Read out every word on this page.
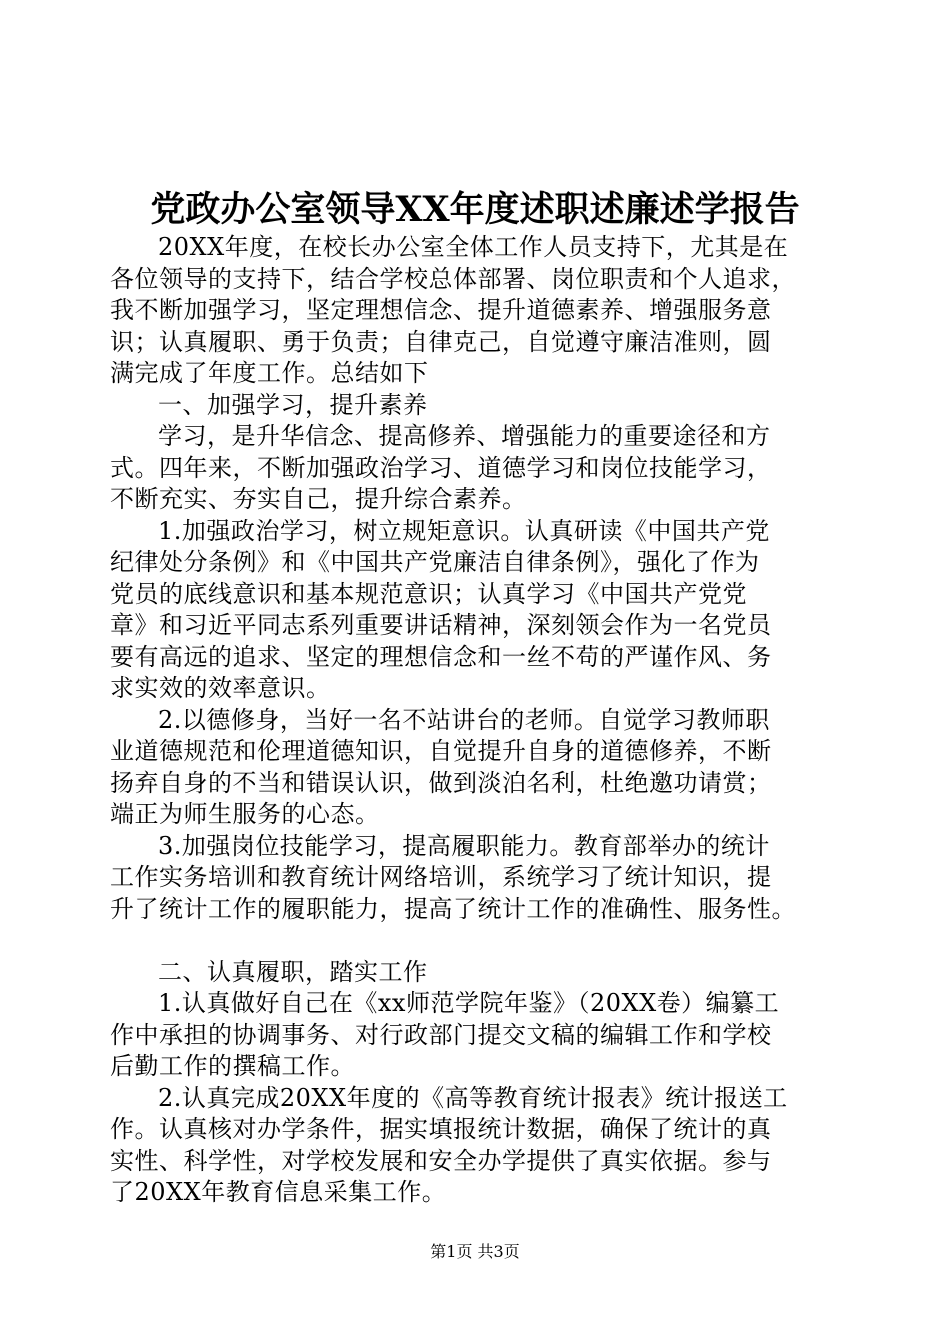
党政办公室领导XX年度述职述廉述学报告
20XX年度，在校长办公室全体工作人员支持下，尤其是在
各位领导的支持下，结合学校总体部署、岗位职责和个人追求，
我不断加强学习，坚定理想信念、提升道德素养、增强服务意
识；认真履职、勇于负责；自律克己，自觉遵守廉洁准则，圆
满完成了年度工作。总结如下
一、加强学习，提升素养
学习，是升华信念、提高修养、增强能力的重要途径和方
式。四年来，不断加强政治学习、道德学习和岗位技能学习，
不断充实、夯实自己，提升综合素养。
1.加强政治学习，树立规矩意识。认真研读《中国共产党
纪律处分条例》和《中国共产党廉洁自律条例》，强化了作为
党员的底线意识和基本规范意识；认真学习《中国共产党党
章》和习近平同志系列重要讲话精神，深刻领会作为一名党员
要有高远的追求、坚定的理想信念和一丝不苟的严谨作风、务
求实效的效率意识。
2.以德修身，当好一名不站讲台的老师。自觉学习教师职
业道德规范和伦理道德知识，自觉提升自身的道德修养，不断
扬弃自身的不当和错误认识，做到淡泊名利，杜绝邀功请赏；
端正为师生服务的心态。
3.加强岗位技能学习，提高履职能力。教育部举办的统计
工作实务培训和教育统计网络培训，系统学习了统计知识，提
升了统计工作的履职能力，提高了统计工作的准确性、服务性。
二、认真履职，踏实工作
1.认真做好自己在《xx师范学院年鉴》（20XX卷）编纂工
作中承担的协调事务、对行政部门提交文稿的编辑工作和学校
后勤工作的撰稿工作。
2.认真完成20XX年度的《高等教育统计报表》统计报送工
作。认真核对办学条件，据实填报统计数据，确保了统计的真
实性、科学性，对学校发展和安全办学提供了真实依据。参与
了20XX年教育信息采集工作。
第1页 共3页
